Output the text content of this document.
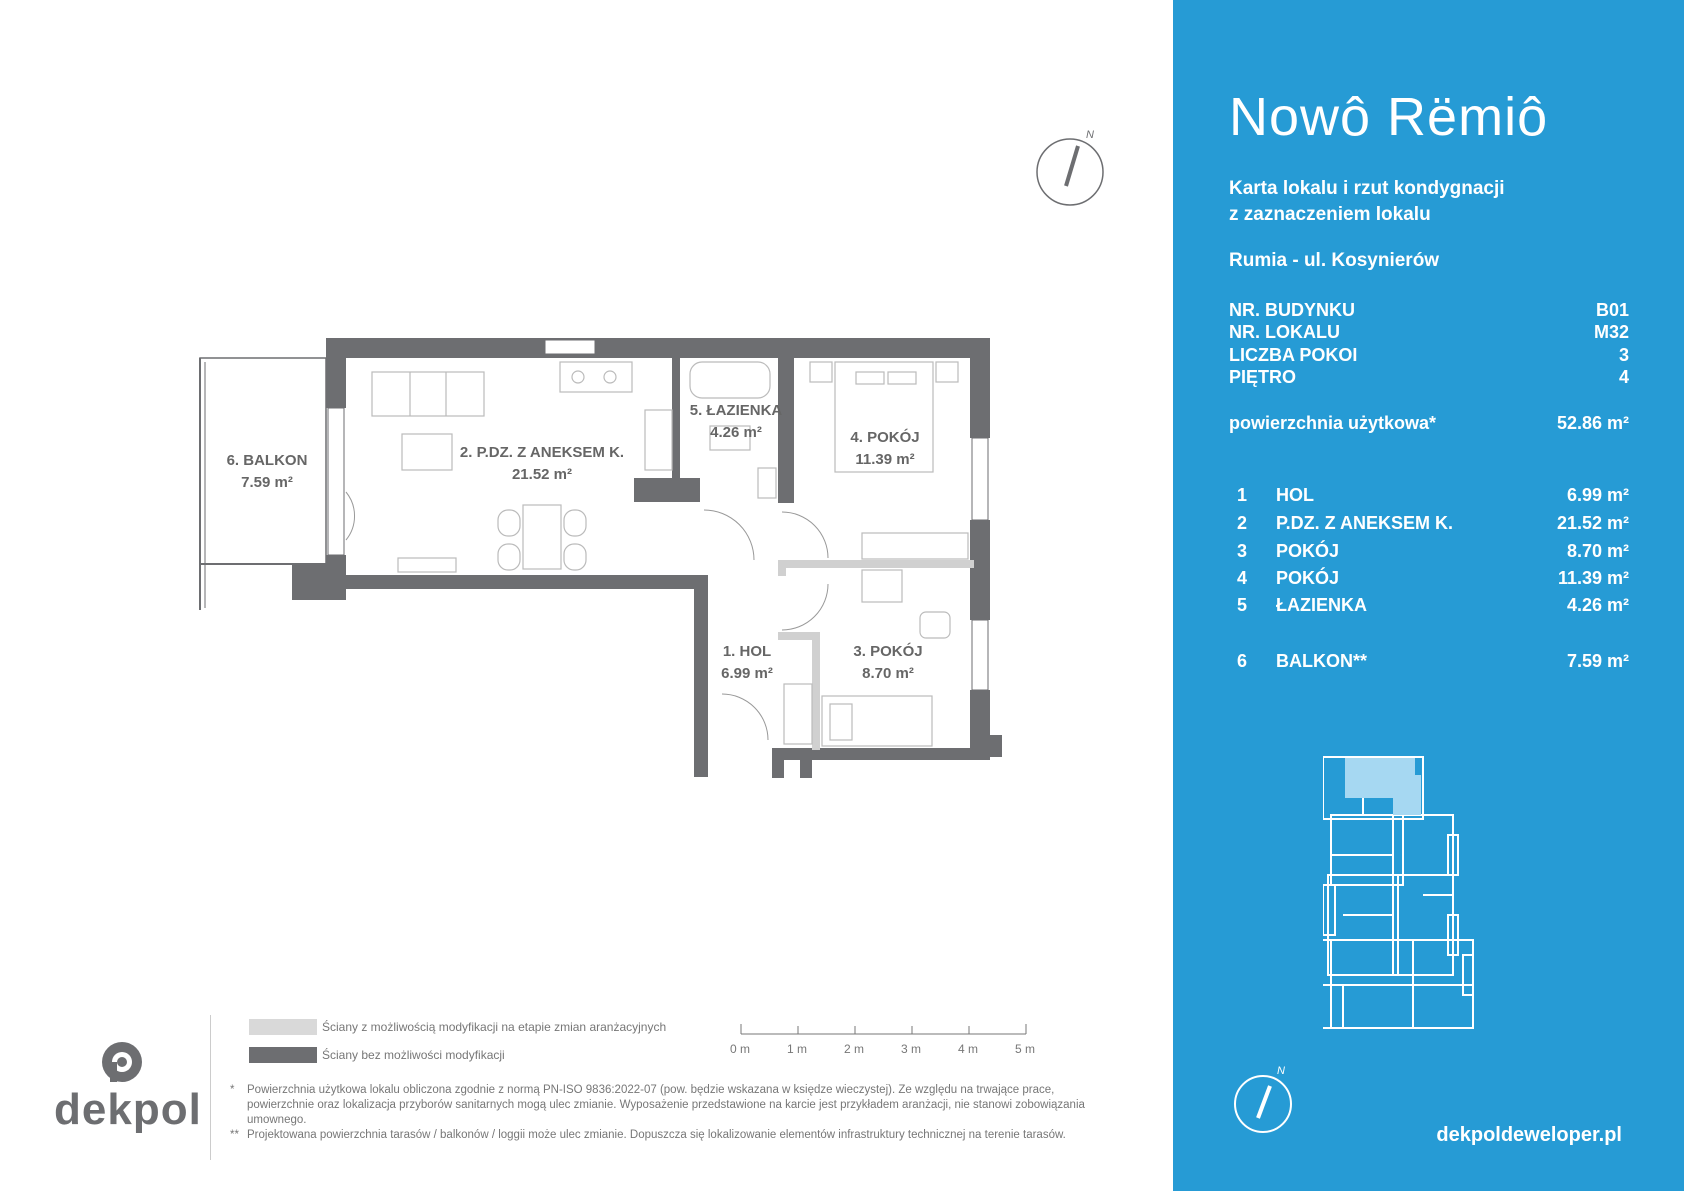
6. BALKON
7.59 m²
2. P.DZ. Z ANEKSEM K.
21.52 m²
5. ŁAZIENKA
4.26 m²	4. POKÓJ
11.39 m²
1. HOL
6.99 m²
3. POKÓJ
8.70 m²
N
Ściany z możliwością modyfikacji na etapie zmian aranżacyjnych
Ściany bez możliwości modyfikacji	0 m	1 m	2 m	3 m	4 m	5 m
dekpol * Powierzchnia użytkowa lokalu obliczona zgodnie z normą PN-ISO 9836:2022-07 (pow. będzie wskazana w księdze wieczystej). Ze względu na trwające prace, powierzchnie oraz lokalizacja przyborów sanitarnych mogą ulec zmianie. Wyposażenie przedstawione na karcie jest przykładem aranżacji, nie stanowi zobowiązania umownego.
** Projektowana powierzchnia tarasów / balkonów / loggii może ulec zmianie. Dopuszcza się lokalizowanie elementów infrastruktury technicznej na terenie tarasów.
Nowô Rëmiô
Karta lokalu i rzut kondygnacji
z zaznaczeniem lokalu
Rumia - ul. Kosynierów
NR. BUDYNKU	B01
NR. LOKALU	M32
LICZBA POKOI	3
PIĘTRO	4
powierzchnia użytkowa*	52.86 m²
1 HOL	6.99 m²
2 P.DZ. Z ANEKSEM K.	21.52 m²
3 POKÓJ	8.70 m²
4 POKÓJ	11.39 m²
5 ŁAZIENKA	4.26 m²
6 BALKON**	7.59 m²
N
dekpoldeweloper.pl
